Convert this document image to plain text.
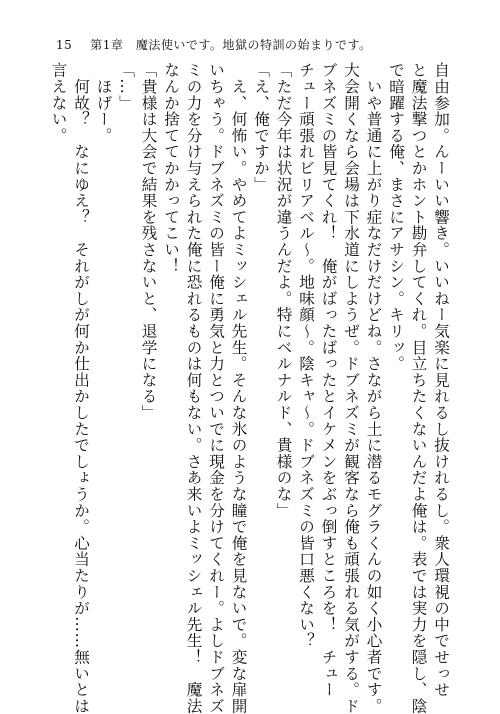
15 第1章　魔法使いです。地獄の特訓の始まりです。
自由参加。んーいい響き。いいねー気楽に見れるし抜けれるし。衆人環視の中でせっせ
と魔法撃つとかホント勘弁してくれ。目立ちたくないんだよ俺は。表では実力を隠し、陰
で暗躍する俺、まさにアサシン。キリッ。
　いや普通に上がり症なだけだけどね。さながら土に潜るモグラくんの如く小心者です。
大会開くなら会場は下水道にしようぜ。ドブネズミが観客なら俺も頑張れる気がする。ド
ブネズミの皆見てくれ！　俺がばったばったとイケメンをぶっ倒すところを！　チュー
チュー頑張れビリアベル～。地味顔～。陰キャ～。ドブネズミの皆口悪くない？
「ただ今年は状況が違うんだよ。特にベルナルド、貴様のな」
「え、俺ですか」
　え、何怖い。やめてよミッシェル先生。そんな氷のような瞳で俺を見ないで。変な扉開
いちゃう。ドブネズミの皆ー俺に勇気と力とついでに現金を分けてくれー。よしドブネズ
ミの力を分け与えられた俺に恐れるものは何もない。さあ来いよミッシェル先生！　魔法
なんか捨ててかかってこい！
「貴様は大会で結果を残さないと、退学になる」
「…」
　ほげー。
　何故？　なにゆえ？　それがしが何か仕出かしたでしょうか。心当たりが……無いとは
言えない。
